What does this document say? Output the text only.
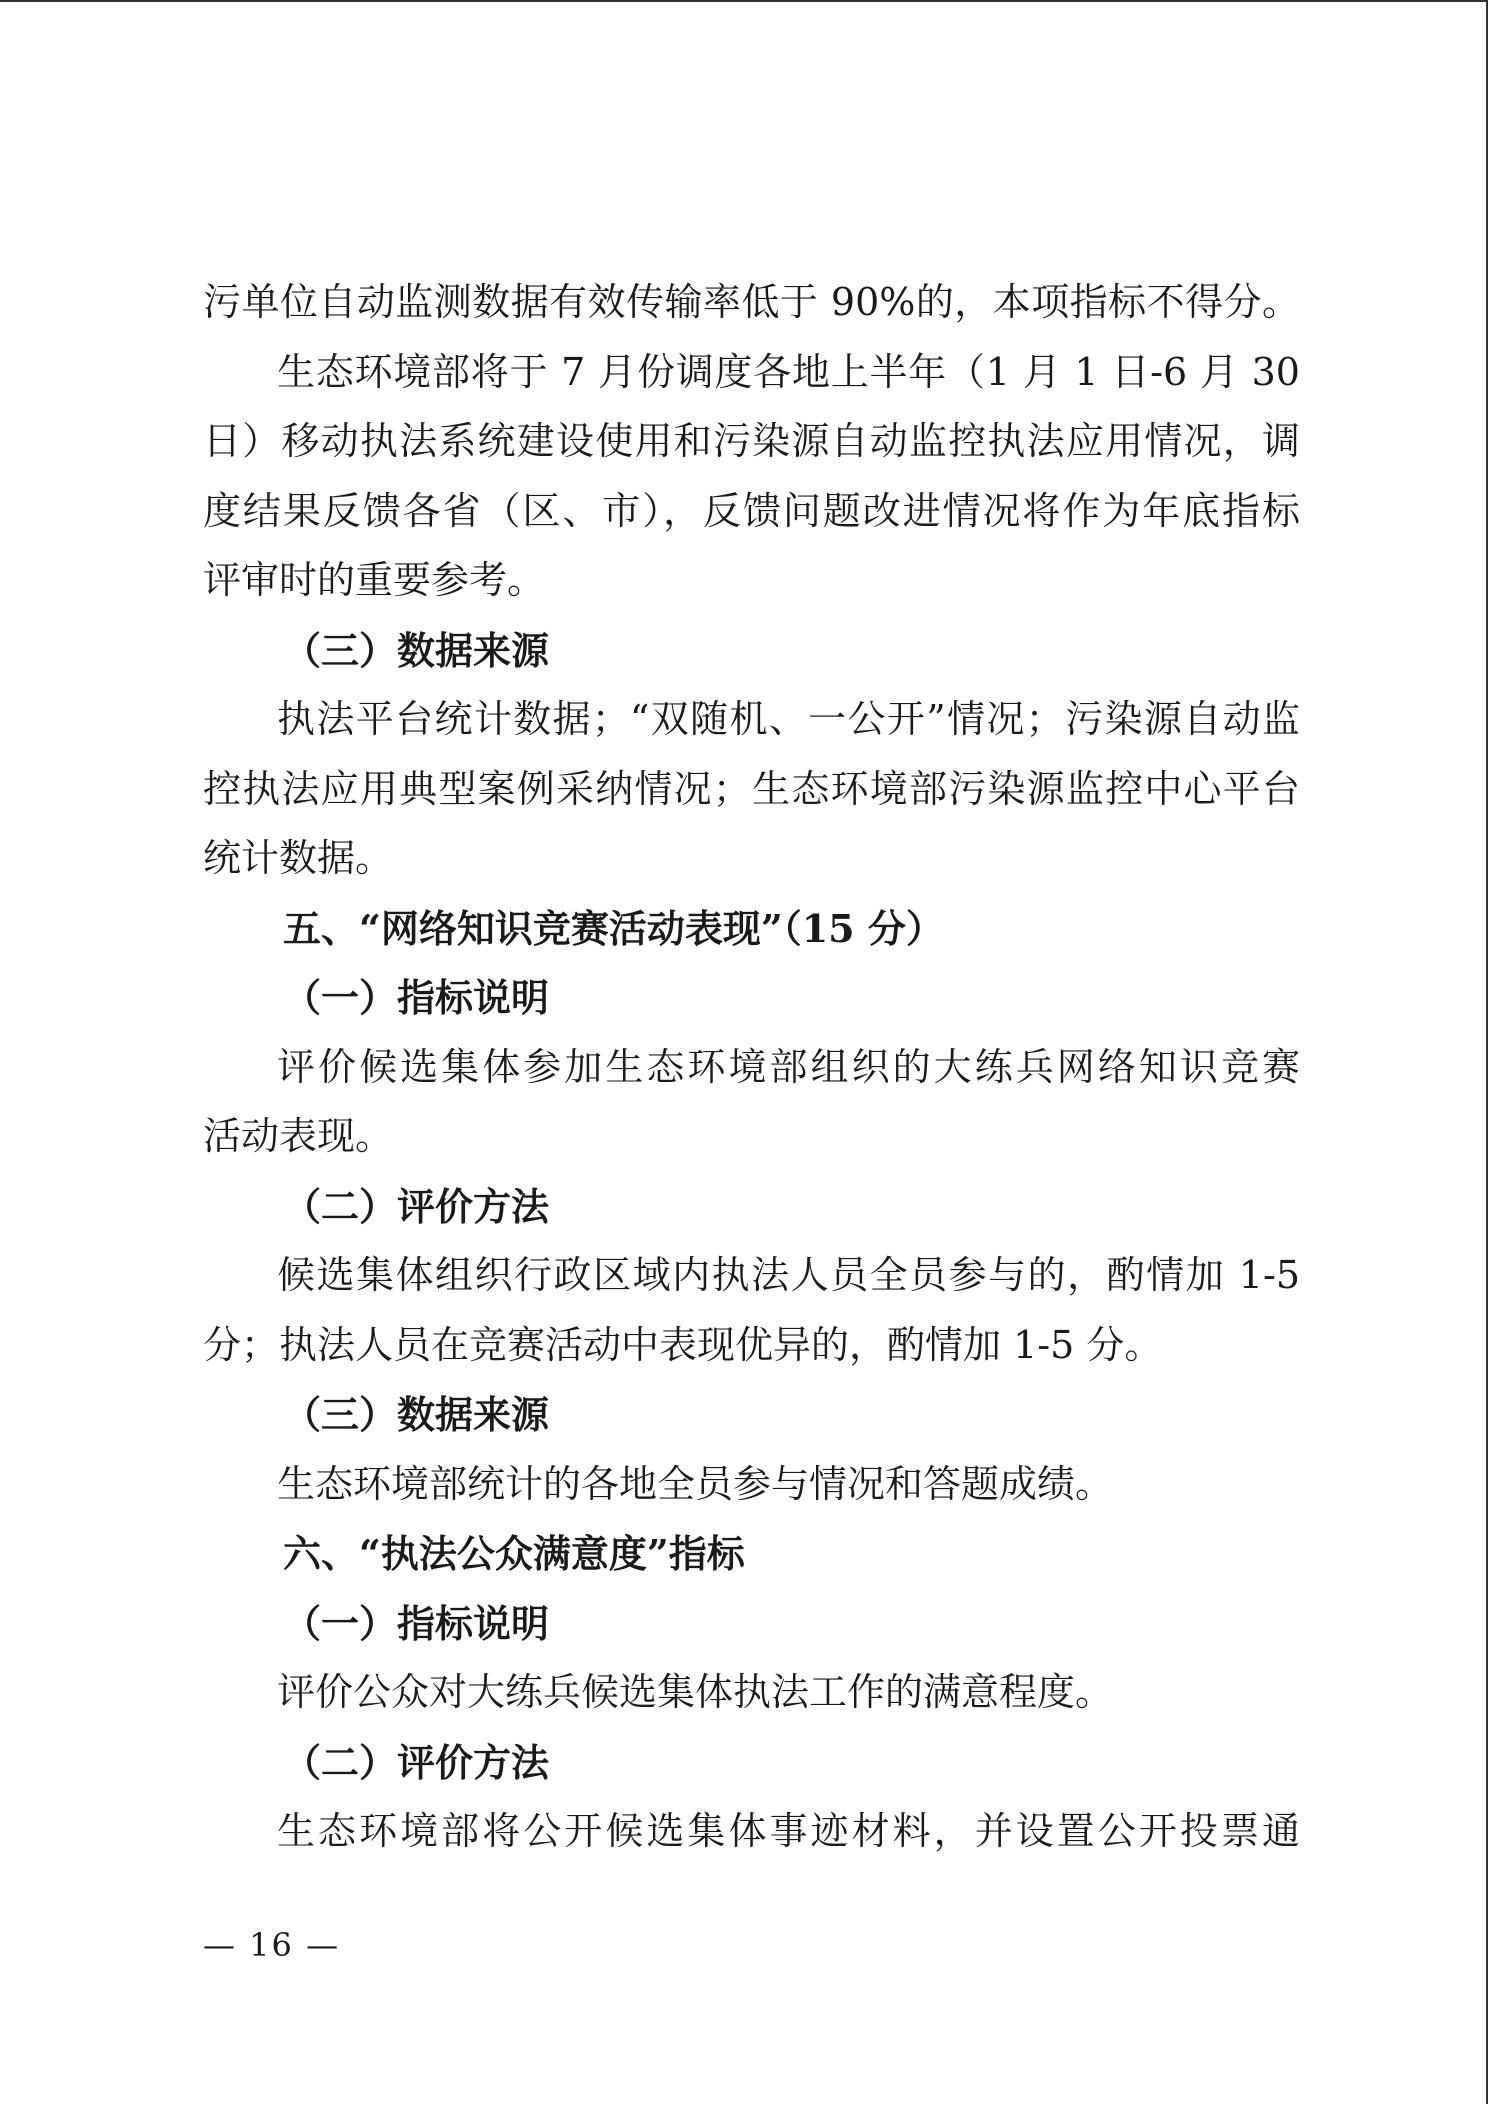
污单位自动监测数据有效传输率低于 90%的，本项指标不得分。
生态环境部将于 7 月份调度各地上半年（1 月 1 日-6 月 30
日）移动执法系统建设使用和污染源自动监控执法应用情况，调
度结果反馈各省（区、市），反馈问题改进情况将作为年底指标
评审时的重要参考。
（三）数据来源
执法平台统计数据；“双随机、一公开”情况；污染源自动监
控执法应用典型案例采纳情况；生态环境部污染源监控中心平台
统计数据。
五、“网络知识竞赛活动表现”（15 分）
（一）指标说明
评价候选集体参加生态环境部组织的大练兵网络知识竞赛
活动表现。
（二）评价方法
候选集体组织行政区域内执法人员全员参与的，酌情加 1-5
分；执法人员在竞赛活动中表现优异的，酌情加 1-5 分。
（三）数据来源
生态环境部统计的各地全员参与情况和答题成绩。
六、“执法公众满意度”指标
（一）指标说明
评价公众对大练兵候选集体执法工作的满意程度。
（二）评价方法
生态环境部将公开候选集体事迹材料，并设置公开投票通
— 16 —
